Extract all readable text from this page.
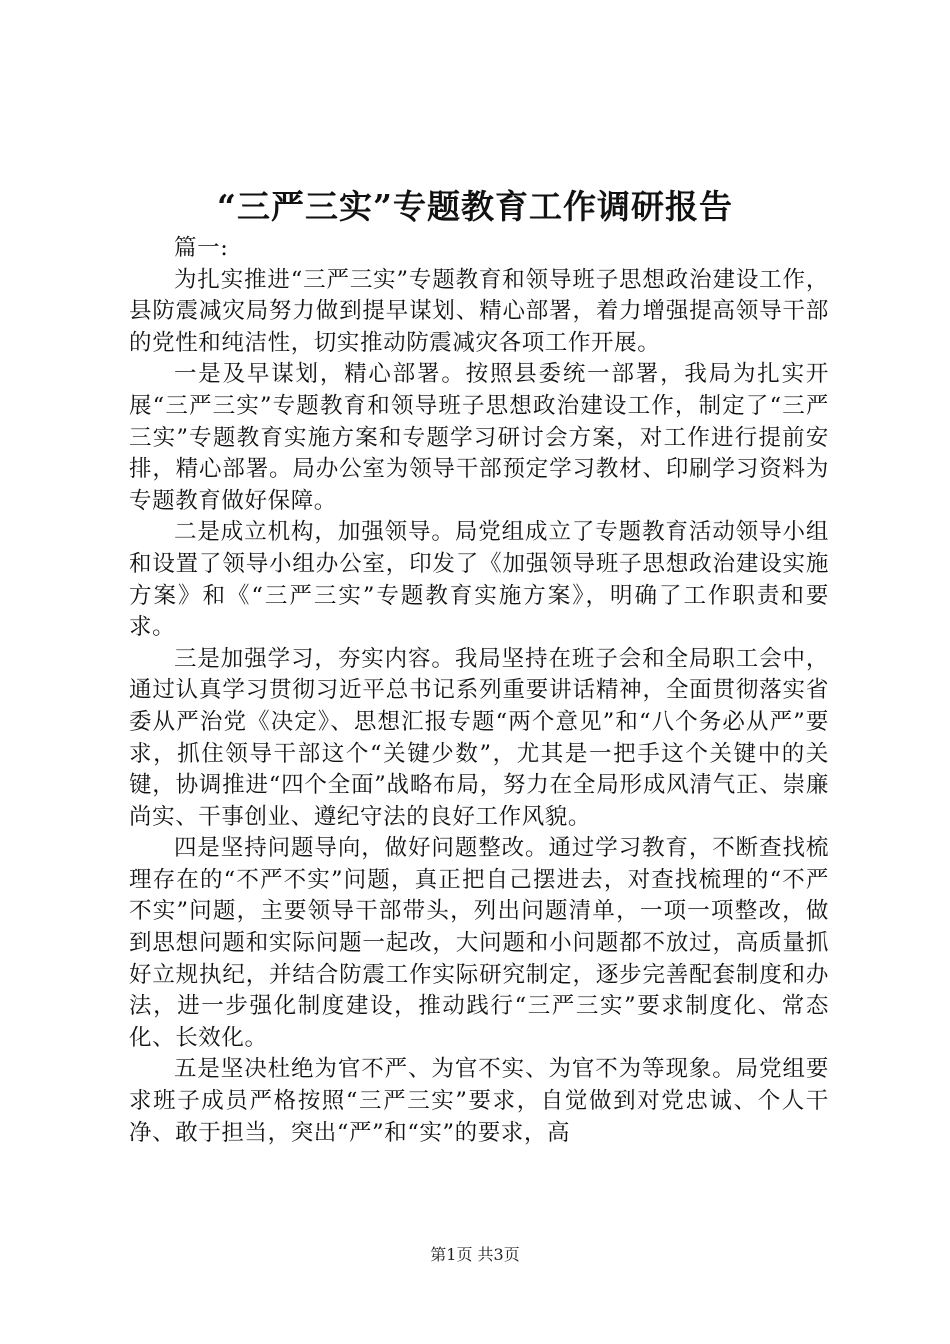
“三严三实”专题教育工作调研报告

篇一:

为扎实推进“三严三实”专题教育和领导班子思想政治建设工作，县防震减灾局努力做到提早谋划、精心部署，着力增强提高领导干部的党性和纯洁性，切实推动防震减灾各项工作开展。

一是及早谋划，精心部署。按照县委统一部署，我局为扎实开展“三严三实”专题教育和领导班子思想政治建设工作，制定了“三严三实”专题教育实施方案和专题学习研讨会方案，对工作进行提前安排，精心部署。局办公室为领导干部预定学习教材、印刷学习资料为专题教育做好保障。

二是成立机构，加强领导。局党组成立了专题教育活动领导小组和设置了领导小组办公室，印发了《加强领导班子思想政治建设实施方案》和《“三严三实”专题教育实施方案》，明确了工作职责和要求。

三是加强学习，夯实内容。我局坚持在班子会和全局职工会中，通过认真学习贯彻习近平总书记系列重要讲话精神，全面贯彻落实省委从严治党《决定》、思想汇报专题“两个意见”和“八个务必从严”要求，抓住领导干部这个“关键少数”，尤其是一把手这个关键中的关键，协调推进“四个全面”战略布局，努力在全局形成风清气正、崇廉尚实、干事创业、遵纪守法的良好工作风貌。

四是坚持问题导向，做好问题整改。通过学习教育，不断查找梳理存在的“不严不实”问题，真正把自己摆进去，对查找梳理的“不严不实”问题，主要领导干部带头，列出问题清单，一项一项整改，做到思想问题和实际问题一起改，大问题和小问题都不放过，高质量抓好立规执纪，并结合防震工作实际研究制定，逐步完善配套制度和办法，进一步强化制度建设，推动践行“三严三实”要求制度化、常态化、长效化。

五是坚决杜绝为官不严、为官不实、为官不为等现象。局党组要求班子成员严格按照“三严三实”要求，自觉做到对党忠诚、个人干净、敢于担当，突出“严”和“实”的要求，高

第1页 共3页
